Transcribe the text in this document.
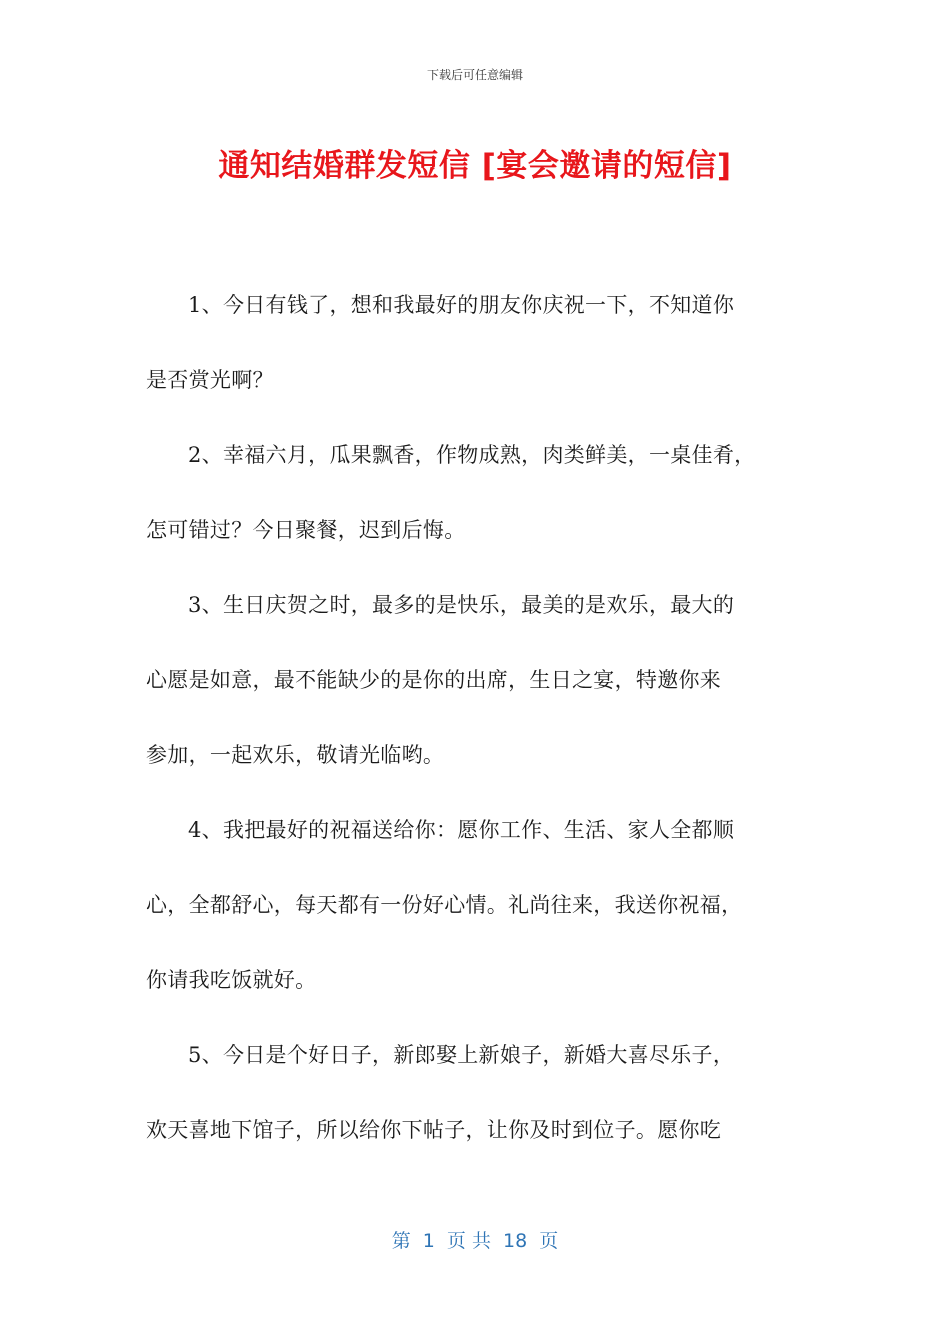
下载后可任意编辑
通知结婚群发短信 [宴会邀请的短信]

1、今日有钱了，想和我最好的朋友你庆祝一下，不知道你
是否赏光啊？

2、幸福六月，瓜果飘香，作物成熟，肉类鲜美，一桌佳肴，
怎可错过？今日聚餐，迟到后悔。

3、生日庆贺之时，最多的是快乐，最美的是欢乐，最大的
心愿是如意，最不能缺少的是你的出席，生日之宴，特邀你来
参加，一起欢乐，敬请光临哟。

4、我把最好的祝福送给你：愿你工作、生活、家人全都顺
心，全都舒心，每天都有一份好心情。礼尚往来，我送你祝福，
你请我吃饭就好。

5、今日是个好日子，新郎娶上新娘子，新婚大喜尽乐子，
欢天喜地下馆子，所以给你下帖子，让你及时到位子。愿你吃

第  1  页 共  18  页
